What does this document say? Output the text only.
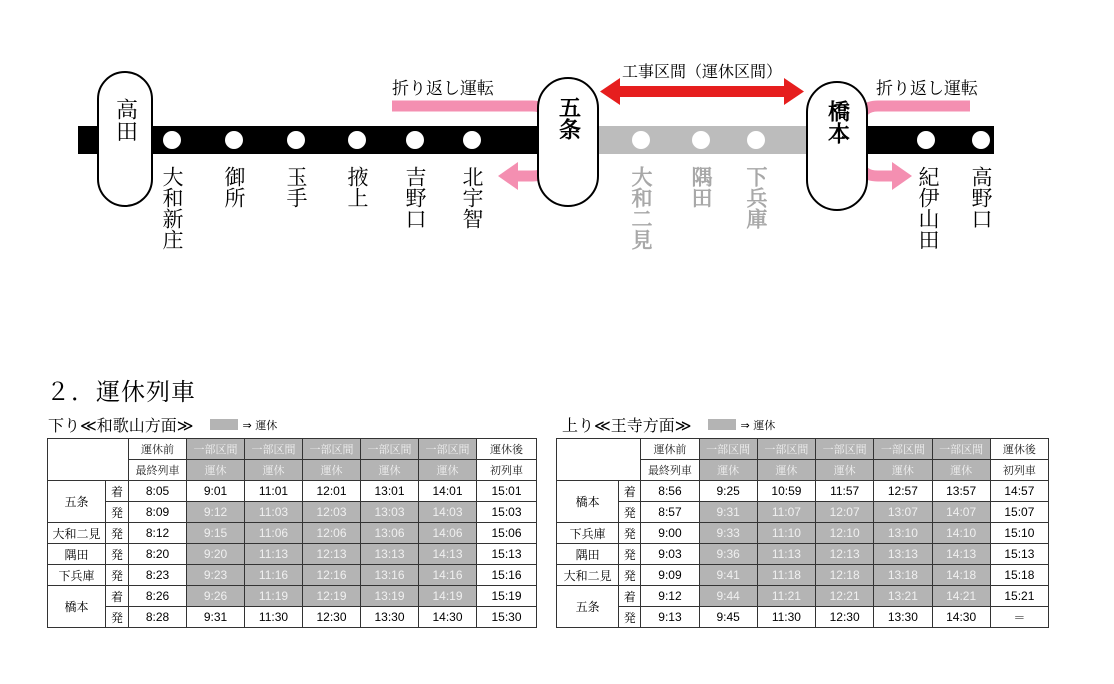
高田
大和新庄 御所 玉手 掖上 吉野口 北宇智	大和二見 隅田 下兵庫	紀伊山田 高野口
工事区間（運休区間）
折り返し運転
五条	橋本
折り返し運転
２．運休列車
下り≪和歌山方面≫	⇒ 運休	上り≪王寺方面≫	⇒ 運休
		運休前	一部区間	一部区間	一部区間	一部区間	一部区間	運休後
		最終列車	運休	運休	運休	運休	運休	初列車
五条	着	8:05	9:01	11:01	12:01	13:01	14:01	15:01
	発	8:09	9:12	11:03	12:03	13:03	14:03	15:03
大和二見	発	8:12	9:15	11:06	12:06	13:06	14:06	15:06
隅田	発	8:20	9:20	11:13	12:13	13:13	14:13	15:13
下兵庫	発	8:23	9:23	11:16	12:16	13:16	14:16	15:16
橋本	着	8:26	9:26	11:19	12:19	13:19	14:19	15:19
	発	8:28	9:31	11:30	12:30	13:30	14:30	15:30
		運休前	一部区間	一部区間	一部区間	一部区間	一部区間	運休後
		最終列車	運休	運休	運休	運休	運休	初列車
橋本	着	8:56	9:25	10:59	11:57	12:57	13:57	14:57
	発	8:57	9:31	11:07	12:07	13:07	14:07	15:07
下兵庫	発	9:00	9:33	11:10	12:10	13:10	14:10	15:10
隅田	発	9:03	9:36	11:13	12:13	13:13	14:13	15:13
大和二見	発	9:09	9:41	11:18	12:18	13:18	14:18	15:18
五条	着	9:12	9:44	11:21	12:21	13:21	14:21	15:21
	発	9:13	9:45	11:30	12:30	13:30	14:30	＝
